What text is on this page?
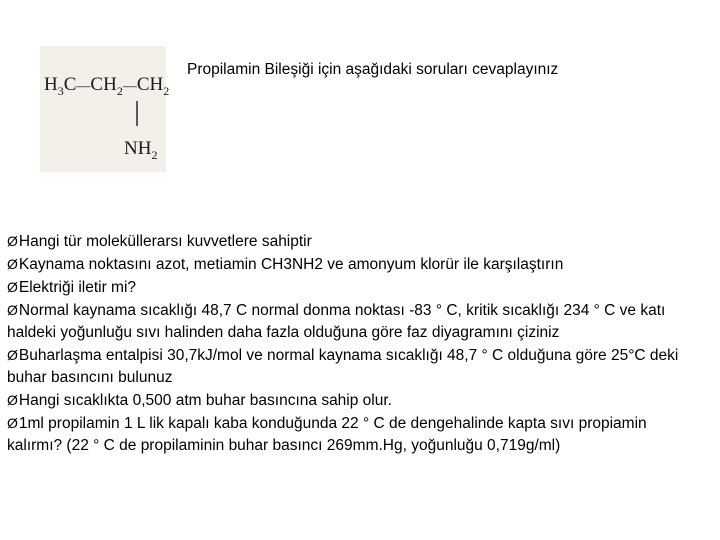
$H_3C—CH_2^—CH_2$
$NH_2$
Propilamin Bileşiği için aşağıdaki soruları cevaplayınız
ØHangi tür moleküllerarsı kuvvetlere sahiptir
ØKaynama noktasını azot, metiamin CH3NH2 ve amonyum klorür ile karşılaştırın
ØElektriği iletir mi?
ØNormal kaynama sıcaklığı 48,7 C normal donma noktası -83 ° C, kritik sıcaklığı 234 ° C ve katı haldeki yoğunluğu sıvı halinden daha fazla olduğuna göre faz diyagramını çiziniz
ØBuharlaşma entalpisi 30,7kJ/mol ve normal kaynama sıcaklığı 48,7 ° C olduğuna göre 25°C deki buhar basıncını bulunuz
ØHangi sıcaklıkta 0,500 atm buhar basıncına sahip olur.
Ø1ml propilamin 1 L lik kapalı kaba konduğunda 22 ° C de dengehalinde kapta sıvı propiamin kalırmı? (22 ° C de propilaminin buhar basıncı 269mm.Hg, yoğunluğu 0,719g/ml)
